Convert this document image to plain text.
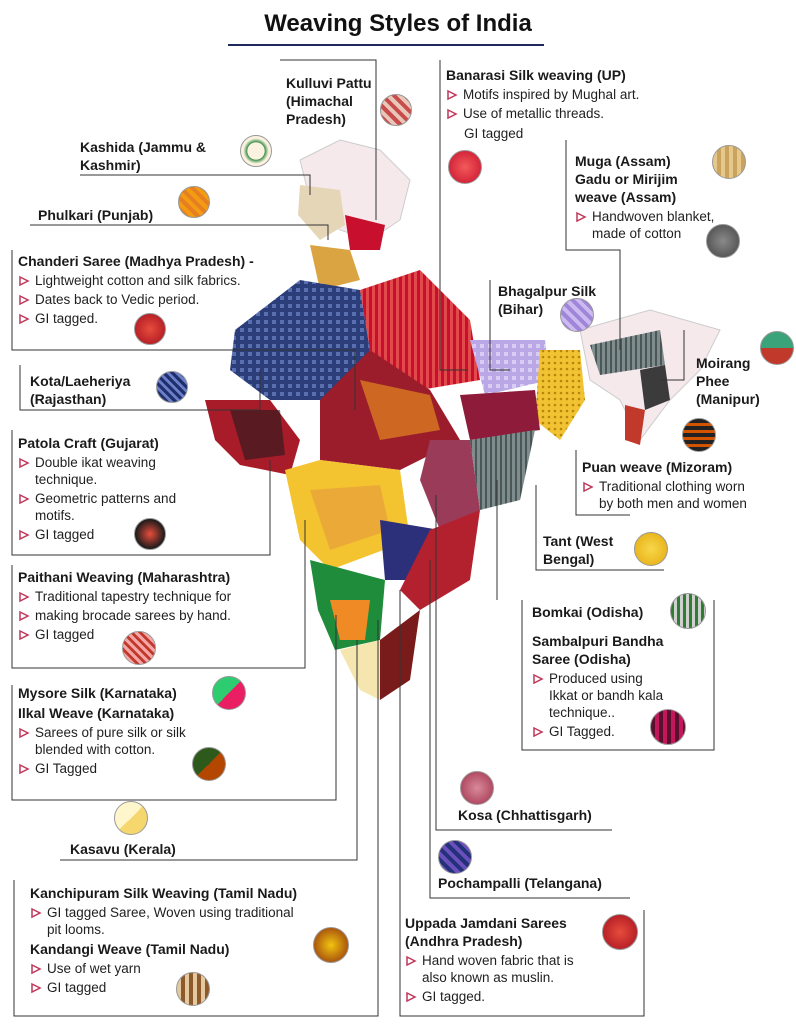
Weaving Styles of India
Kulluvi Pattu
(Himachal
Pradesh)
Banarasi Silk weaving (UP)
Motifs inspired by Mughal art.
Use of metallic threads.
GI tagged
Kashida (Jammu &
Kashmir)	Muga (Assam)
Gadu or Mirijim
weave (Assam)
Handwoven blanket,
made of cotton
Phulkari (Punjab)
Chanderi Saree (Madhya Pradesh) -
Lightweight cotton and silk fabrics.
Dates back to Vedic period.
GI tagged.
Bhagalpur Silk
(Bihar)
Moirang
Phee
(Manipur)
Kota/Laeheriya
(Rajasthan)
Patola Craft (Gujarat)
Double ikat weaving
technique.
Geometric patterns and
motifs.
GI tagged
Puan weave (Mizoram)
Traditional clothing worn
by both men and women
Tant (West
Bengal)
Paithani Weaving (Maharashtra)
Traditional tapestry technique for
making brocade sarees by hand.
GI tagged
Bomkai (Odisha)
Sambalpuri Bandha
Saree (Odisha)
Produced using
Ikkat or bandh kala
technique..
GI Tagged.
Mysore Silk (Karnataka)
Ilkal Weave (Karnataka)
Sarees of pure silk or silk
blended with cotton.
GI Tagged
Kosa (Chhattisgarh)
Kasavu (Kerala)
Pochampalli (Telangana)
Kanchipuram Silk Weaving (Tamil Nadu)
GI tagged Saree, Woven using traditional
pit looms.
Kandangi Weave (Tamil Nadu)
Use of wet yarn
GI tagged
Uppada Jamdani Sarees
(Andhra Pradesh)
Hand woven fabric that is
also known as muslin.
GI tagged.
